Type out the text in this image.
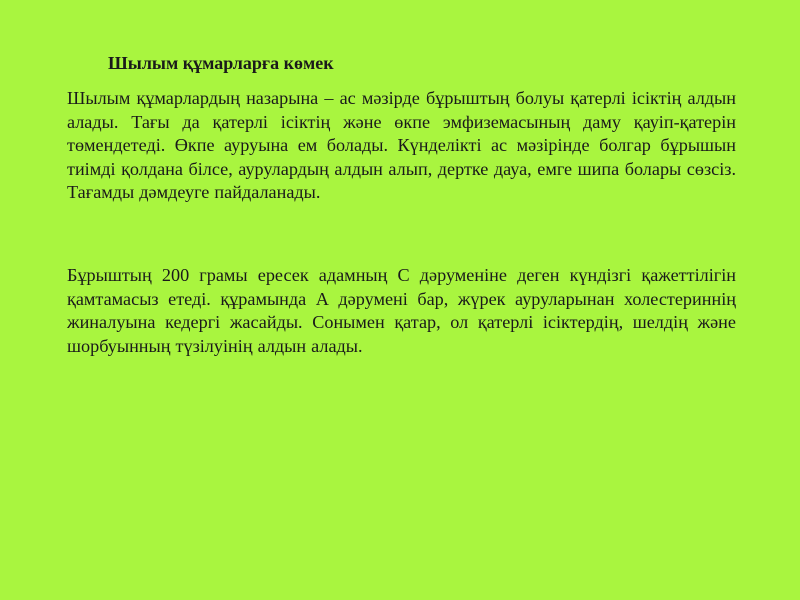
Шылым құмарларға көмек

Шылым құмарлардың назарына – ас мәзірде бұрыштың болуы қатерлі ісіктің алдын алады. Тағы да қатерлі ісіктің және өкпе эмфиземасының даму қауіп-қатерін төмендетеді. Өкпе ауруына ем болады. Күнделікті ас мәзірінде болгар бұрышын тиімді қолдана білсе, аурулардың алдын алып, дертке дауа, емге шипа болары сөзсіз. Тағамды дәмдеуге пайдаланады.

Бұрыштың 200 грамы ересек адамның С дәруменіне деген күндізгі қажеттілігін қамтамасыз етеді. құрамында А дәрумені бар, жүрек ауруларынан холестериннің жиналуына кедергі жасайды. Сонымен қатар, ол қатерлі ісіктердің, шелдің және шорбуынның түзілуінің алдын алады.
